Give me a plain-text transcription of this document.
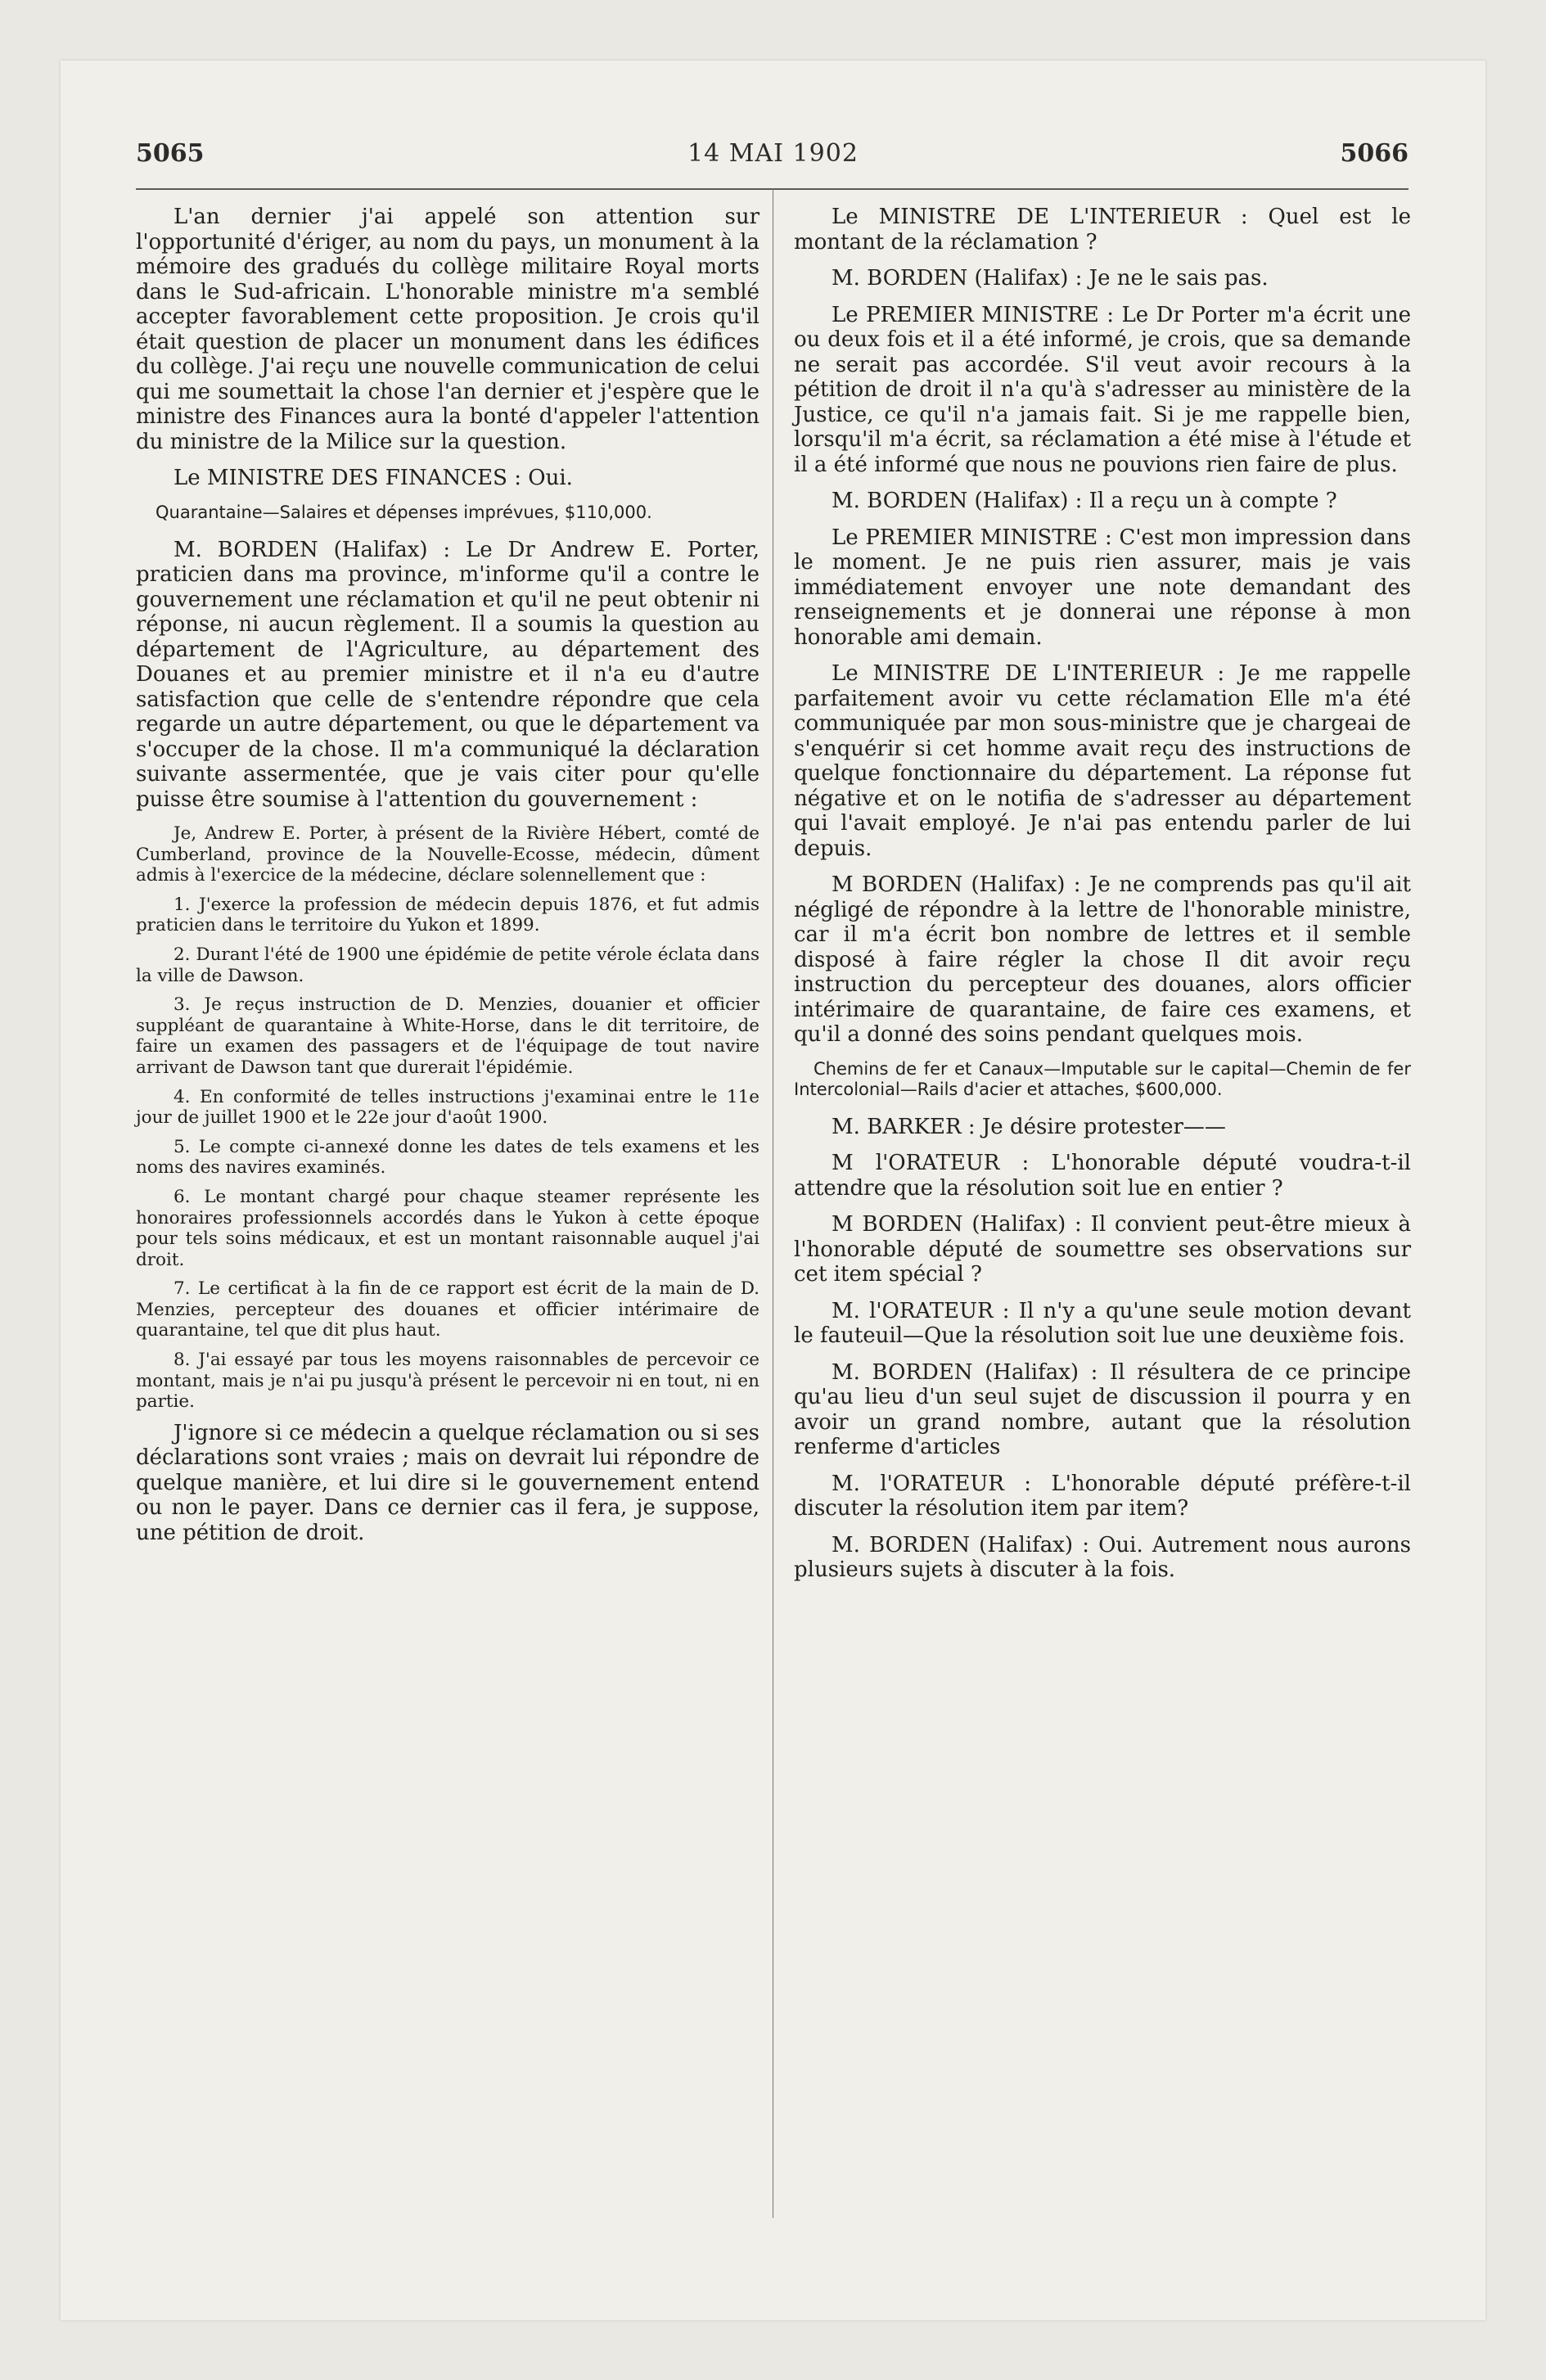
5065	14 MAI 1902	5066

L'an dernier j'ai appelé son attention sur l'opportunité d'ériger, au nom du pays, un monument à la mémoire des gradués du collège militaire Royal morts dans le Sud-africain. L'honorable ministre m'a semblé accepter favorablement cette proposition. Je crois qu'il était question de placer un monument dans les édifices du collège. J'ai reçu une nouvelle communication de celui qui me soumettait la chose l'an dernier et j'espère que le ministre des Finances aura la bonté d'appeler l'attention du ministre de la Milice sur la question.

Le MINISTRE DES FINANCES : Oui.

Quarantaine—Salaires et dépenses imprévues, $110,000.

M. BORDEN (Halifax) : Le Dr Andrew E. Porter, praticien dans ma province, m'informe qu'il a contre le gouvernement une réclamation et qu'il ne peut obtenir ni réponse, ni aucun règlement. Il a soumis la question au département de l'Agriculture, au département des Douanes et au premier ministre et il n'a eu d'autre satisfaction que celle de s'entendre répondre que cela regarde un autre département, ou que le département va s'occuper de la chose. Il m'a communiqué la déclaration suivante assermentée, que je vais citer pour qu'elle puisse être soumise à l'attention du gouvernement :

Je, Andrew E. Porter, à présent de la Rivière Hébert, comté de Cumberland, province de la Nouvelle-Ecosse, médecin, dûment admis à l'exercice de la médecine, déclare solennellement que :

1. J'exerce la profession de médecin depuis 1876, et fut admis praticien dans le territoire du Yukon et 1899.

2. Durant l'été de 1900 une épidémie de petite vérole éclata dans la ville de Dawson.

3. Je reçus instruction de D. Menzies, douanier et officier suppléant de quarantaine à White-Horse, dans le dit territoire, de faire un examen des passagers et de l'équipage de tout navire arrivant de Dawson tant que durerait l'épidémie.

4. En conformité de telles instructions j'examinai entre le 11e jour de juillet 1900 et le 22e jour d'août 1900.

5. Le compte ci-annexé donne les dates de tels examens et les noms des navires examinés.

6. Le montant chargé pour chaque steamer représente les honoraires professionnels accordés dans le Yukon à cette époque pour tels soins médicaux, et est un montant raisonnable auquel j'ai droit.

7. Le certificat à la fin de ce rapport est écrit de la main de D. Menzies, percepteur des douanes et officier intérimaire de quarantaine, tel que dit plus haut.

8. J'ai essayé par tous les moyens raisonnables de percevoir ce montant, mais je n'ai pu jusqu'à présent le percevoir ni en tout, ni en partie.

J'ignore si ce médecin a quelque réclamation ou si ses déclarations sont vraies ; mais on devrait lui répondre de quelque manière, et lui dire si le gouvernement entend ou non le payer. Dans ce dernier cas il fera, je suppose, une pétition de droit.

Le MINISTRE DE L'INTERIEUR : Quel est le montant de la réclamation ?

M. BORDEN (Halifax) : Je ne le sais pas.

Le PREMIER MINISTRE : Le Dr Porter m'a écrit une ou deux fois et il a été informé, je crois, que sa demande ne serait pas accordée. S'il veut avoir recours à la pétition de droit il n'a qu'à s'adresser au ministère de la Justice, ce qu'il n'a jamais fait. Si je me rappelle bien, lorsqu'il m'a écrit, sa réclamation a été mise à l'étude et il a été informé que nous ne pouvions rien faire de plus.

M. BORDEN (Halifax) : Il a reçu un à compte ?

Le PREMIER MINISTRE : C'est mon impression dans le moment. Je ne puis rien assurer, mais je vais immédiatement envoyer une note demandant des renseignements et je donnerai une réponse à mon honorable ami demain.

Le MINISTRE DE L'INTERIEUR : Je me rappelle parfaitement avoir vu cette réclamation Elle m'a été communiquée par mon sous-ministre que je chargeai de s'enquérir si cet homme avait reçu des instructions de quelque fonctionnaire du département. La réponse fut négative et on le notifia de s'adresser au département qui l'avait employé. Je n'ai pas entendu parler de lui depuis.

M BORDEN (Halifax) : Je ne comprends pas qu'il ait négligé de répondre à la lettre de l'honorable ministre, car il m'a écrit bon nombre de lettres et il semble disposé à faire régler la chose Il dit avoir reçu instruction du percepteur des douanes, alors officier intérimaire de quarantaine, de faire ces examens, et qu'il a donné des soins pendant quelques mois.

Chemins de fer et Canaux—Imputable sur le capital—Chemin de fer Intercolonial—Rails d'acier et attaches, $600,000.

M. BARKER : Je désire protester——

M l'ORATEUR : L'honorable député voudra-t-il attendre que la résolution soit lue en entier ?

M BORDEN (Halifax) : Il convient peut-être mieux à l'honorable député de soumettre ses observations sur cet item spécial ?

M. l'ORATEUR : Il n'y a qu'une seule motion devant le fauteuil—Que la résolution soit lue une deuxième fois.

M. BORDEN (Halifax) : Il résultera de ce principe qu'au lieu d'un seul sujet de discussion il pourra y en avoir un grand nombre, autant que la résolution renferme d'articles

M. l'ORATEUR : L'honorable député préfère-t-il discuter la résolution item par item?

M. BORDEN (Halifax) : Oui. Autrement nous aurons plusieurs sujets à discuter à la fois.
